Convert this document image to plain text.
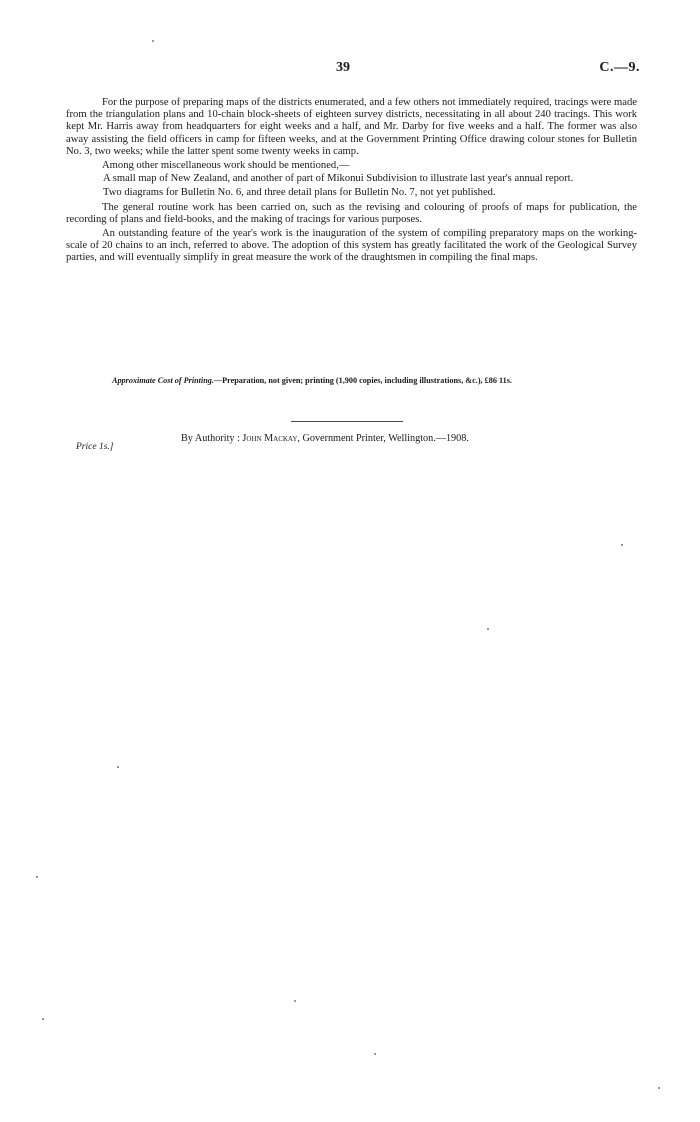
39	C.—9.

For the purpose of preparing maps of the districts enumerated, and a few others not immediately required, tracings were made from the triangulation plans and 10-chain block-sheets of eighteen survey districts, necessitating in all about 240 tracings. This work kept Mr. Harris away from headquarters for eight weeks and a half, and Mr. Darby for five weeks and a half. The former was also away assisting the field officers in camp for fifteen weeks, and at the Government Printing Office drawing colour stones for Bulletin No. 3, two weeks; while the latter spent some twenty weeks in camp.

Among other miscellaneous work should be mentioned,—

A small map of New Zealand, and another of part of Mikonui Subdivision to illustrate last year's annual report.

Two diagrams for Bulletin No. 6, and three detail plans for Bulletin No. 7, not yet published.

The general routine work has been carried on, such as the revising and colouring of proofs of maps for publication, the recording of plans and field-books, and the making of tracings for various purposes.

An outstanding feature of the year's work is the inauguration of the system of compiling preparatory maps on the working-scale of 20 chains to an inch, referred to above. The adoption of this system has greatly facilitated the work of the Geological Survey parties, and will eventually simplify in great measure the work of the draughtsmen in compiling the final maps.

Approximate Cost of Printing.—Preparation, not given; printing (1,900 copies, including illustrations, &c.), £86 11s.
Price 1s.]
By Authority : John Mackay, Government Printer, Wellington.—1908.
